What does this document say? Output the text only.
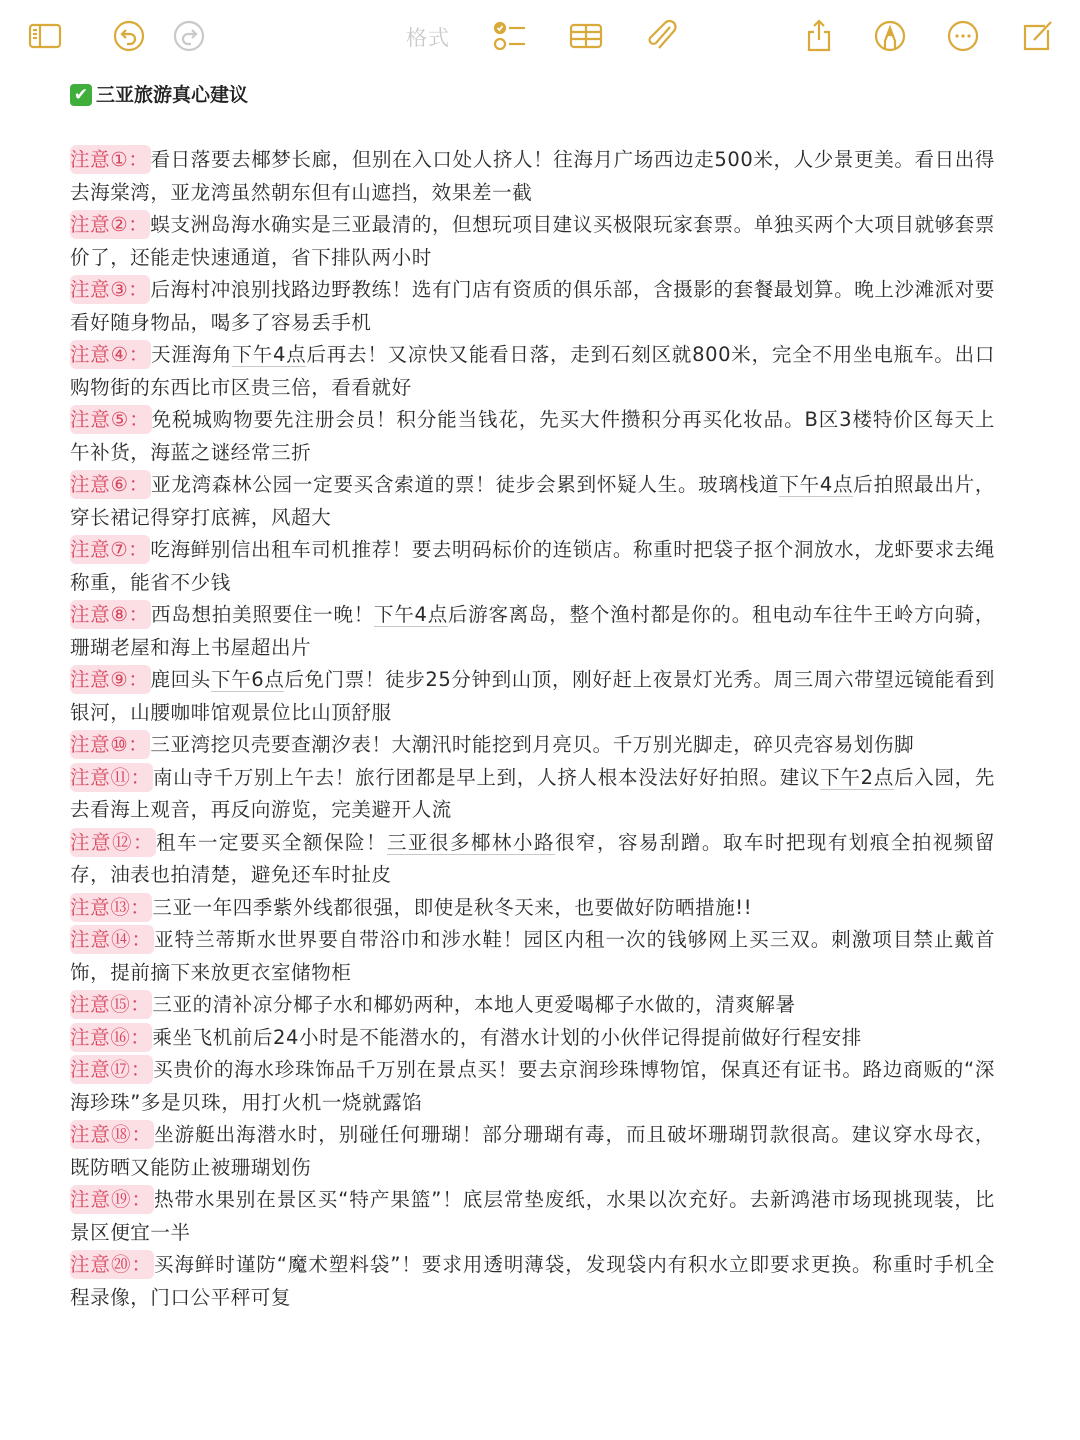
格式
✔ 三亚旅游真心建议
注意①： 看日落要去椰梦长廊，但别在入口处人挤人！往海月广场西边走500米，人少景更美。看日出得去海棠湾，亚龙湾虽然朝东但有山遮挡，效果差一截
注意②： 蜈支洲岛海水确实是三亚最清的，但想玩项目建议买极限玩家套票。单独买两个大项目就够套票价了，还能走快速通道，省下排队两小时
注意③： 后海村冲浪别找路边野教练！选有门店有资质的俱乐部，含摄影的套餐最划算。晚上沙滩派对要看好随身物品，喝多了容易丢手机
注意④： 天涯海角下午4点后再去！又凉快又能看日落，走到石刻区就800米，完全不用坐电瓶车。出口购物街的东西比市区贵三倍，看看就好
注意⑤： 免税城购物要先注册会员！积分能当钱花，先买大件攒积分再买化妆品。B区3楼特价区每天上午补货，海蓝之谜经常三折
注意⑥： 亚龙湾森林公园一定要买含索道的票！徒步会累到怀疑人生。玻璃栈道下午4点后拍照最出片，穿长裙记得穿打底裤，风超大
注意⑦： 吃海鲜别信出租车司机推荐！要去明码标价的连锁店。称重时把袋子抠个洞放水，龙虾要求去绳称重，能省不少钱
注意⑧： 西岛想拍美照要住一晚！下午4点后游客离岛，整个渔村都是你的。租电动车往牛王岭方向骑，珊瑚老屋和海上书屋超出片
注意⑨： 鹿回头下午6点后免门票！徒步25分钟到山顶，刚好赶上夜景灯光秀。周三周六带望远镜能看到银河，山腰咖啡馆观景位比山顶舒服
注意⑩： 三亚湾挖贝壳要查潮汐表！大潮汛时能挖到月亮贝。千万别光脚走，碎贝壳容易划伤脚
注意⑪： 南山寺千万别上午去！旅行团都是早上到，人挤人根本没法好好拍照。建议下午2点后入园，先去看海上观音，再反向游览，完美避开人流
注意⑫： 租车一定要买全额保险！三亚很多椰林小路很窄，容易刮蹭。取车时把现有划痕全拍视频留存，油表也拍清楚，避免还车时扯皮
注意⑬： 三亚一年四季紫外线都很强，即使是秋冬天来，也要做好防晒措施!!
注意⑭： 亚特兰蒂斯水世界要自带浴巾和涉水鞋！园区内租一次的钱够网上买三双。刺激项目禁止戴首饰，提前摘下来放更衣室储物柜
注意⑮： 三亚的清补凉分椰子水和椰奶两种，本地人更爱喝椰子水做的，清爽解暑
注意⑯： 乘坐飞机前后24小时是不能潜水的，有潜水计划的小伙伴记得提前做好行程安排
注意⑰： 买贵价的海水珍珠饰品千万别在景点买！要去京润珍珠博物馆，保真还有证书。路边商贩的“深海珍珠”多是贝珠，用打火机一烧就露馅
注意⑱： 坐游艇出海潜水时，别碰任何珊瑚！部分珊瑚有毒，而且破坏珊瑚罚款很高。建议穿水母衣，既防晒又能防止被珊瑚划伤
注意⑲： 热带水果别在景区买“特产果篮”！底层常垫废纸，水果以次充好。去新鸿港市场现挑现装，比景区便宜一半
注意⑳： 买海鲜时谨防“魔术塑料袋”！要求用透明薄袋，发现袋内有积水立即要求更换。称重时手机全程录像，门口公平秤可复
